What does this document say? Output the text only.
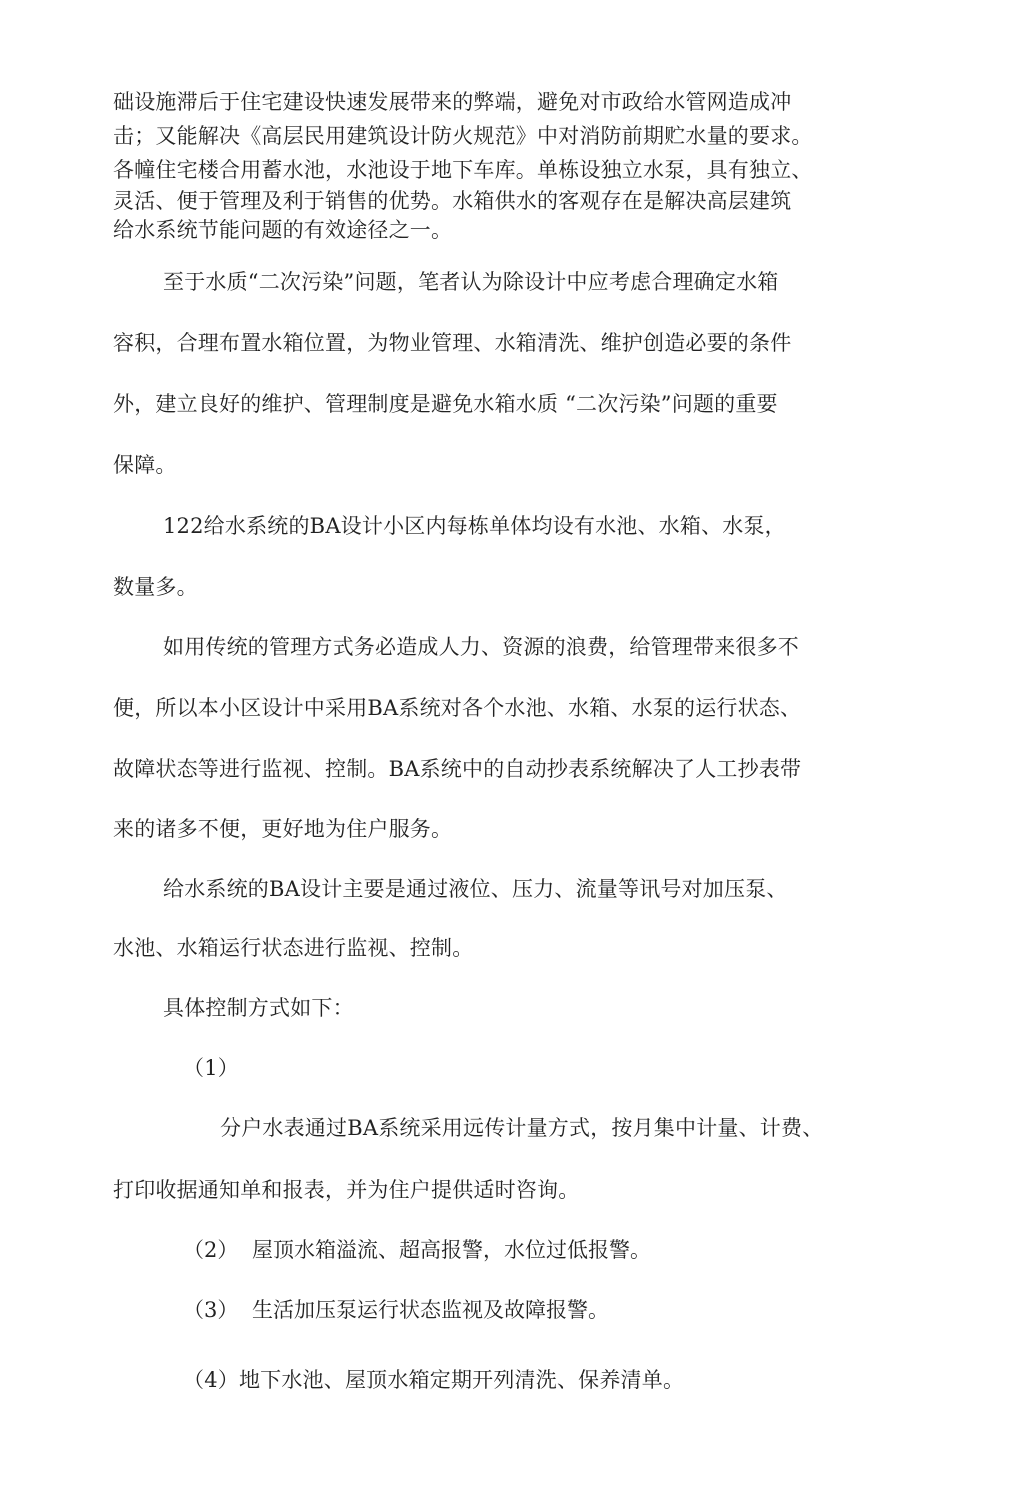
础设施滞后于住宅建设快速发展带来的弊端，避免对市政给水管网造成冲
击；又能解决《高层民用建筑设计防火规范》中对消防前期贮水量的要求。
各幢住宅楼合用蓄水池，水池设于地下车库。单栋设独立水泵，具有独立、
灵活、便于管理及利于销售的优势。水箱供水的客观存在是解决高层建筑
给水系统节能问题的有效途径之一。
至于水质“二次污染”问题，笔者认为除设计中应考虑合理确定水箱
容积，合理布置水箱位置，为物业管理、水箱清洗、维护创造必要的条件
外，建立良好的维护、管理制度是避免水箱水质 “二次污染”问题的重要
保障。
122给水系统的BA设计小区内每栋单体均设有水池、水箱、水泵，
数量多。
如用传统的管理方式务必造成人力、资源的浪费，给管理带来很多不
便，所以本小区设计中采用BA系统对各个水池、水箱、水泵的运行状态、
故障状态等进行监视、控制。BA系统中的自动抄表系统解决了人工抄表带
来的诸多不便，更好地为住户服务。
给水系统的BA设计主要是通过液位、压力、流量等讯号对加压泵、
水池、水箱运行状态进行监视、控制。
具体控制方式如下：
（1）
分户水表通过BA系统采用远传计量方式，按月集中计量、计费、
打印收据通知单和报表，并为住户提供适时咨询。
（2） 屋顶水箱溢流、超高报警，水位过低报警。
（3） 生活加压泵运行状态监视及故障报警。
（4）地下水池、屋顶水箱定期开列清洗、保养清单。
